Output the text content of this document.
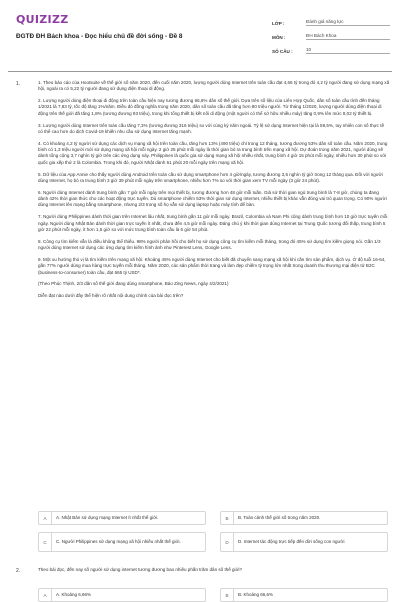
QUIZIZZ
ĐGTĐ ĐH Bách khoa - Đọc hiểu chủ đề đời sống - Đề 8
LỚP :	Đánh giá năng lực
MÔN :	ĐH Bách Khoa
SỐ CÂU :	10
1.	1. Theo báo cáo của Hootsuite về thế giới số năm 2020, đến cuối năm 2020, lượng người dùng Internet trên toàn cầu đạt 4,66 tỷ trong đó 4,2 tỷ người đang sử dụng mạng xã hội, ngoài ra có 5,22 tỷ người đang sử dụng điện thoại di động.

2. Lượng người dùng điện thoại di động trên toàn cầu hiện nay tương đương 66,6% dân số thế giới. Dựa trên số liệu của Liên Hợp Quốc, dân số toàn cầu tính đến tháng 1/2021 là 7,83 tỷ, tốc độ tăng 1%/năm. Điều đó đồng nghĩa trong năm 2020, dân số toàn cầu đã tăng hơn 80 triệu người. Từ tháng 1/2020, lượng người dùng điện thoại di động trên thế giới đã tăng 1,8% (tương đương 93 triệu), trong khi tổng thiết bị kết nối di động (một người có thể sở hữu nhiều máy) tăng 0,9% lên mức 8,02 tỷ thiết bị.

3. Lượng người dùng Internet trên toàn cầu tăng 7,3% (tương đương 316 triệu) so với cùng kỳ năm ngoái. Tỷ lệ sử dụng Internet hiện tại là 59,5%, tuy nhiên con số thực tế có thể cao hơn do dịch Covid-19 khiến nhu cầu sử dụng Internet tăng mạnh.

4. Có khoảng 4,2 tỷ người sử dụng các dịch vụ mạng xã hội trên toàn cầu, tăng hơn 13% (490 triệu) chỉ trong 12 tháng, tương đương 53% dân số toàn cầu. Năm 2020, trung bình có 1,3 triệu người mới sử dụng mạng xã hội mỗi ngày. 2 giờ 25 phút mỗi ngày là thời gian bỏ ra trung bình trên mạng xã hội. Dự đoán trong năm 2021, người dùng sẽ dành tổng cộng 3,7 nghìn tỷ giờ trên các ứng dụng này. Philippines là quốc gia sử dụng mạng xã hội nhiều nhất, trung bình 4 giờ 15 phút mỗi ngày, nhiều hơn 30 phút so với quốc gia xếp thứ 2 là Colombia. Trong khi đó, người Nhật dành 51 phút 20 mỗi ngày trên mạng xã hội.

5. Dữ liệu của App Annie cho thấy người dùng Android trên toàn cầu sử dụng smartphone hơn 4 giờ/ngày, tương đương 3,5 nghìn tỷ giờ trong 12 tháng qua. Đối với người dùng Internet, họ bỏ ra trung bình 3 giờ 39 phút mỗi ngày trên smartphone, nhiều hơn 7% so với thời gian xem TV mỗi ngày (3 giờ 24 phút).

6. Người dùng Internet dành trung bình gần 7 giờ mỗi ngày trên mọi thiết bị, tương đương hơn 48 giờ mỗi tuần. Giả sử thời gian ngủ trung bình là 7-8 giờ, chúng ta đang dành 42% thời gian thức cho các hoạt động trực tuyến. Dù smartphone chiếm 53% thời gian sử dụng Internet, nhiều thiết bị khác vẫn đóng vai trò quan trọng. Có 90% người dùng Internet lên mạng bằng smartphone, nhưng 2/3 trong số họ vẫn sử dụng laptop hoặc máy tính để bàn.

7. Người dùng Philippines dành thời gian trên Internet lâu nhất, trung bình gần 11 giờ mỗi ngày. Brazil, Colombia và Nam Phi cũng dành trung bình hơn 10 giờ trực tuyến mỗi ngày. Người dùng Nhật Bản dành thời gian trực tuyến ít nhất, chưa đến 4,5 giờ mỗi ngày. Đáng chú ý khi thời gian dùng Internet tại Trung Quốc tương đối thấp, trung bình 5 giờ 22 phút mỗi ngày, ít hơn 1,5 giờ so với mức trung bình toàn cầu là 6 giờ 54 phút.

8. Công cụ tìm kiếm vẫn là điều không thể thiếu. 98% người phản hồi cho biết họ sử dụng công cụ tìm kiếm mỗi tháng, trong đó 45% sử dụng tìm kiếm giọng nói. Gần 1/3 người dùng Internet sử dụng các ứng dụng tìm kiếm hình ảnh như Pinterest Lens, Google Lens.

9. Một xu hướng thú vị là tìm kiếm trên mạng xã hội. Khoảng 45% người dùng Internet cho biết đã chuyển sang mạng xã hội khi cần tìm sản phẩm, dịch vụ. Ở độ tuổi 16-64, gần 77% người dùng mua hàng trực tuyến mỗi tháng. Năm 2020, các sản phẩm thời trang và làm đẹp chiếm tỷ trọng lớn nhất trong doanh thu thương mại điện tử B2C (business-to-consumer) toàn cầu, đạt 665 tỷ USD*.

(Theo Phúc Thịnh, 2/3 dân số thế giới đang dùng smartphone, Báo Zing News, ngày 4/2/2021)

Diễn đạt nào dưới đây thể hiện rõ nhất nội dung chính của bài đọc trên?

A	A. Nhật Bản sử dụng mạng Internet ít nhất thế giới.	B	B. Toàn cảnh thế giới số trong năm 2020.
C	C. Người Philippines sử dụng mạng xã hội nhiều nhất thế giới.	D	D. Internet tác động trực tiếp đến đời sống con người
2.	Theo bài đọc, đến nay số người sử dụng internet tương đương bao nhiêu phần trăm dân số thế giới?

A	A. Khoảng 6,66%	B	B. Khoảng 66,6%
